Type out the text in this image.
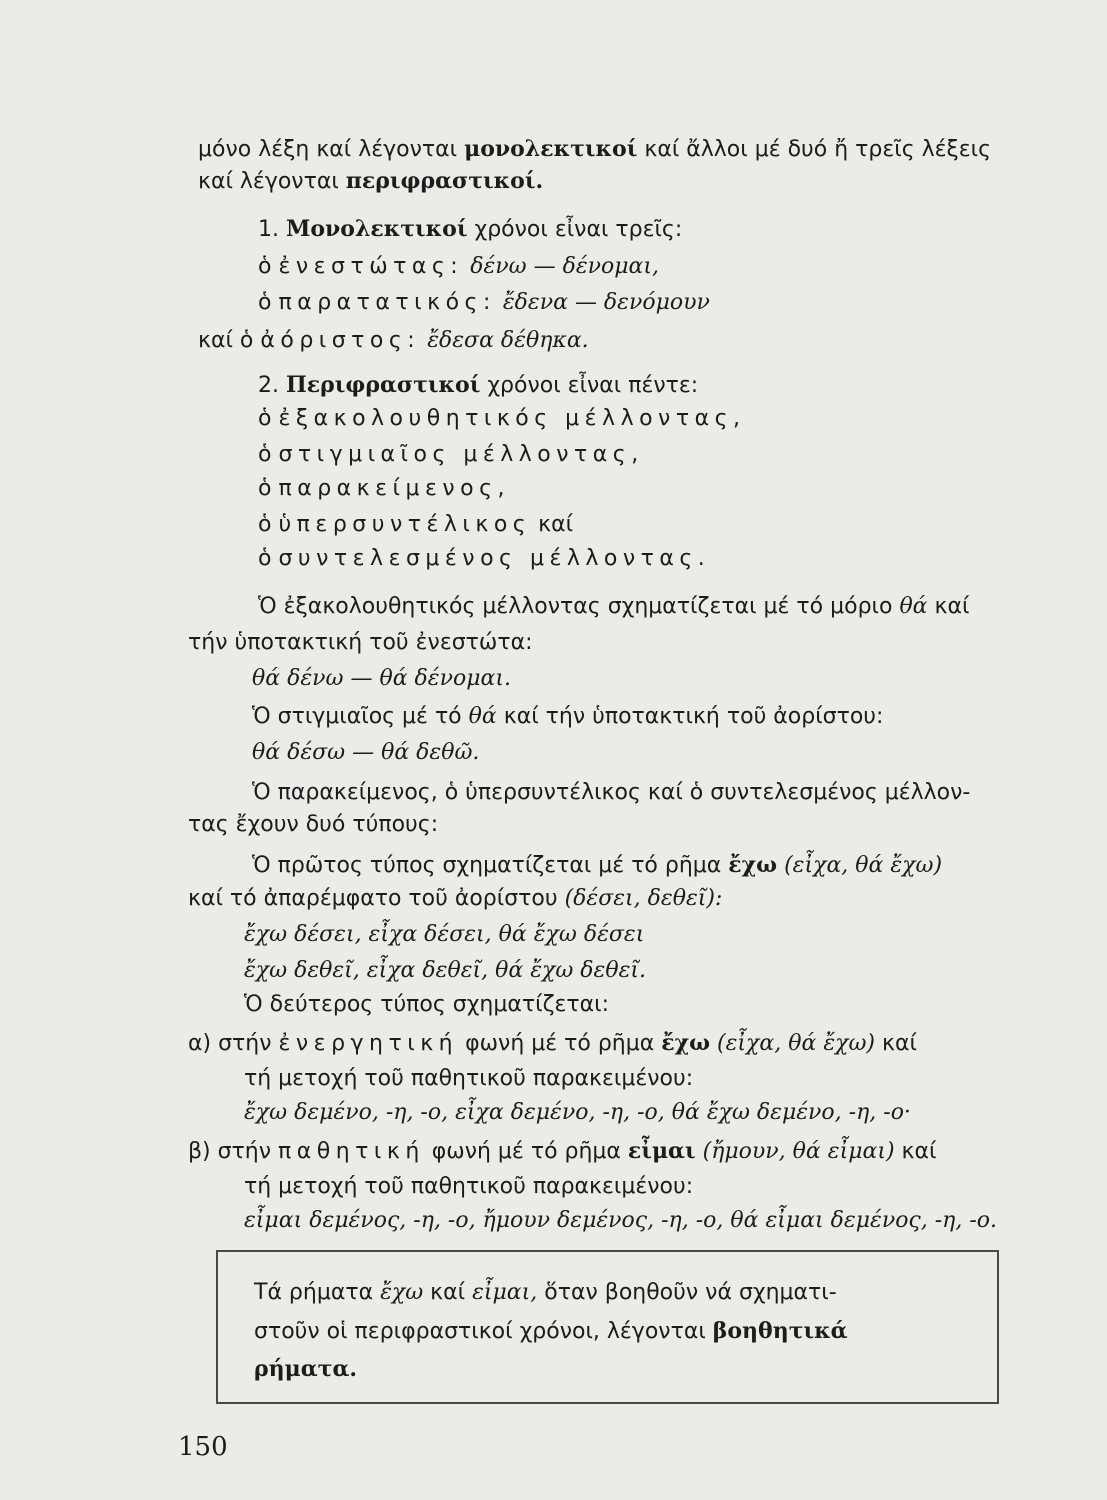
μόνο λέξη καί λέγονται μονολεκτικοί καί ἄλλοι μέ δυό ἤ τρεῖς λέξεις
καί λέγονται περιφραστικοί.
1. Μονολεκτικοί χρόνοι εἶναι τρεῖς:
ὁ ἐνεστώτας: δένω — δένομαι,
ὁ παρατατικός: ἔδενα — δενόμουν
καί ὁ ἀόριστος: ἔδεσα δέθηκα.
2. Περιφραστικοί χρόνοι εἶναι πέντε:
ὁ ἐξακολουθητικός μέλλοντας,
ὁ στιγμιαῖος μέλλοντας,
ὁ παρακείμενος,
ὁ ὑπερσυντέλικος καί
ὁ συντελεσμένος μέλλοντας.
Ὁ ἐξακολουθητικός μέλλοντας σχηματίζεται μέ τό μόριο θά καί
τήν ὑποτακτική τοῦ ἐνεστώτα:
θά δένω — θά δένομαι.
Ὁ στιγμιαῖος μέ τό θά καί τήν ὑποτακτική τοῦ ἀορίστου:
θά δέσω — θά δεθῶ.
Ὁ παρακείμενος, ὁ ὑπερσυντέλικος καί ὁ συντελεσμένος μέλλον-
τας ἔχουν δυό τύπους:
Ὁ πρῶτος τύπος σχηματίζεται μέ τό ρῆμα ἔχω (εἶχα, θά ἔχω)
καί τό ἀπαρέμφατο τοῦ ἀορίστου (δέσει, δεθεῖ):
ἔχω δέσει, εἶχα δέσει, θά ἔχω δέσει
ἔχω δεθεῖ, εἶχα δεθεῖ, θά ἔχω δεθεῖ.
Ὁ δεύτερος τύπος σχηματίζεται:
α) στήν ἐνεργητική φωνή μέ τό ρῆμα ἔχω (εἶχα, θά ἔχω) καί
τή μετοχή τοῦ παθητικοῦ παρακειμένου:
ἔχω δεμένο, -η, -ο, εἶχα δεμένο, -η, -ο, θά ἔχω δεμένο, -η, -ο·
β) στήν παθητική φωνή μέ τό ρῆμα εἶμαι (ἤμουν, θά εἶμαι) καί
τή μετοχή τοῦ παθητικοῦ παρακειμένου:
εἶμαι δεμένος, -η, -ο, ἤμουν δεμένος, -η, -ο, θά εἶμαι δεμένος, -η, -ο.
Τά ρήματα ἔχω καί εἶμαι, ὅταν βοηθοῦν νά σχηματι-
στοῦν οἱ περιφραστικοί χρόνοι, λέγονται βοηθητικά
ρήματα.
150
